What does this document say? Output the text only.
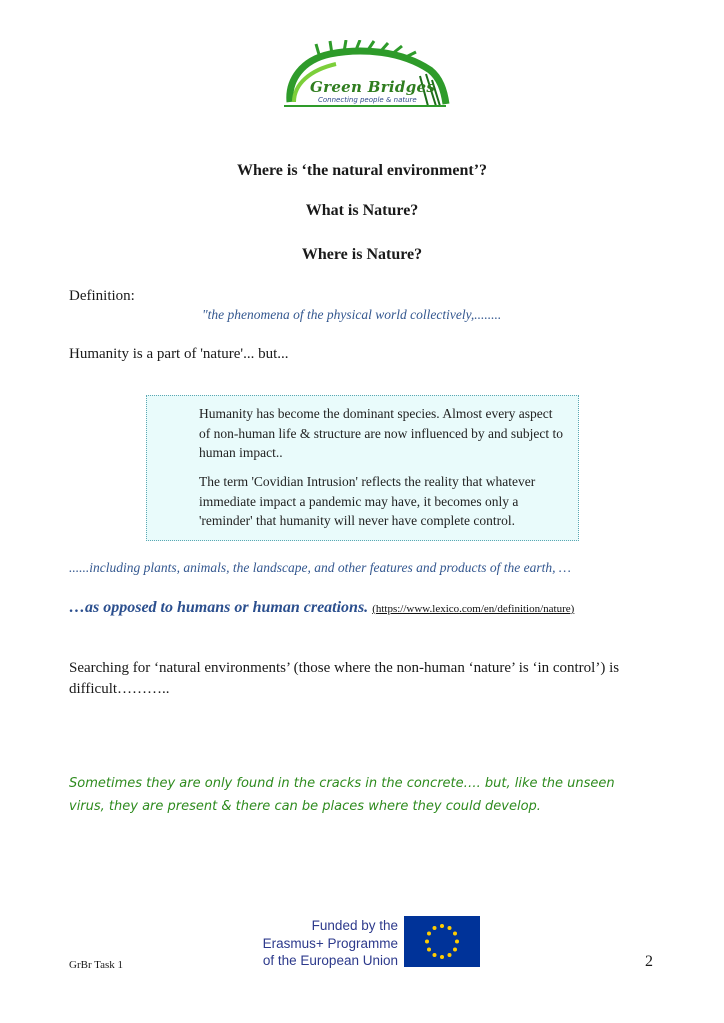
Green Bridges
Connecting people & nature
Where is ‘the natural environment’?
What is Nature?
Where is Nature?
Definition:
"the phenomena of the physical world collectively,........
Humanity is a part of 'nature'... but...

Humanity has become the dominant species. Almost every aspect of non-human life & structure are now influenced by and subject to human impact..

The term 'Covidian Intrusion' reflects the reality that whatever immediate impact a pandemic may have, it becomes only a 'reminder' that humanity will never have complete control.

......including plants, animals, the landscape, and other features and products of the earth, …
…as opposed to humans or human creations. (https://www.lexico.com/en/definition/nature)
Searching for ‘natural environments’ (those where the non-human ‘nature’ is ‘in control’) is difficult………..
Sometimes they are only found in the cracks in the concrete…. but, like the unseen virus, they are present & there can be places where they could develop.
Funded by the
Erasmus+ Programme
of the European Union
GrBr Task 1	2
